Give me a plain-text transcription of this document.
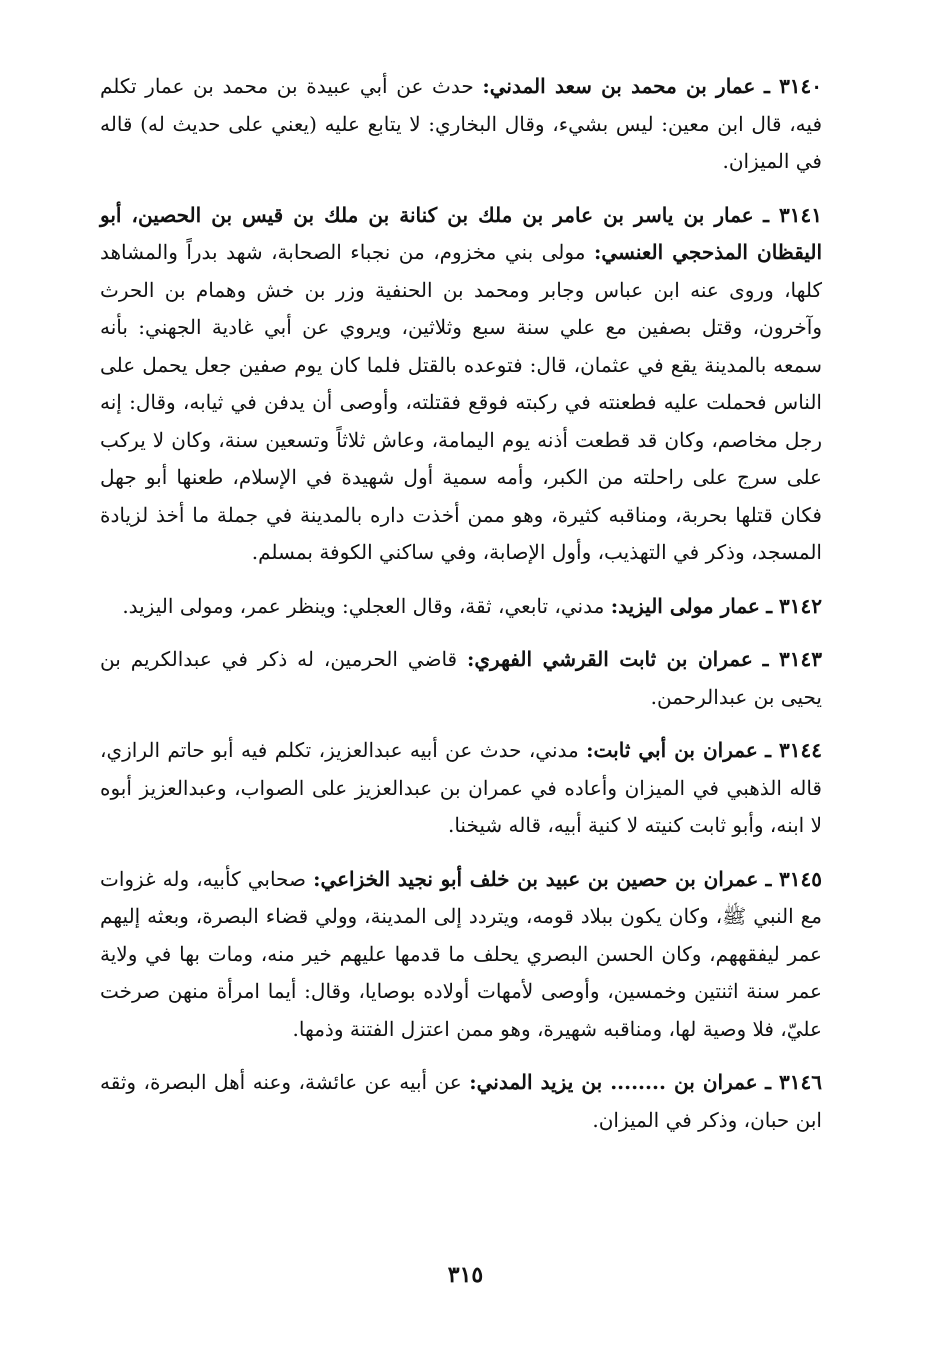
٣١٤٠ ـ عمار بن محمد بن سعد المدني: حدث عن أبي عبيدة بن محمد بن عمار تكلم فيه، قال ابن معين: ليس بشيء، وقال البخاري: لا يتابع عليه (يعني على حديث له) قاله في الميزان.

٣١٤١ ـ عمار بن ياسر بن عامر بن ملك بن كنانة بن ملك بن قيس بن الحصين، أبو اليقظان المذحجي العنسي: مولى بني مخزوم، من نجباء الصحابة، شهد بدراً والمشاهد كلها، وروى عنه ابن عباس وجابر ومحمد بن الحنفية وزر بن خش وهمام بن الحرث وآخرون، وقتل بصفين مع علي سنة سبع وثلاثين، ويروي عن أبي غادية الجهني: بأنه سمعه بالمدينة يقع في عثمان، قال: فتوعده بالقتل فلما كان يوم صفين جعل يحمل على الناس فحملت عليه فطعنته في ركبته فوقع فقتلته، وأوصى أن يدفن في ثيابه، وقال: إنه رجل مخاصم، وكان قد قطعت أذنه يوم اليمامة، وعاش ثلاثاً وتسعين سنة، وكان لا يركب على سرج على راحلته من الكبر، وأمه سمية أول شهيدة في الإسلام، طعنها أبو جهل فكان قتلها بحربة، ومناقبه كثيرة، وهو ممن أخذت داره بالمدينة في جملة ما أخذ لزيادة المسجد، وذكر في التهذيب، وأول الإصابة، وفي ساكني الكوفة بمسلم.

٣١٤٢ ـ عمار مولى اليزيد: مدني، تابعي، ثقة، وقال العجلي: وينظر عمر، ومولى اليزيد.

٣١٤٣ ـ عمران بن ثابت القرشي الفهري: قاضي الحرمين، له ذكر في عبدالكريم بن يحيى بن عبدالرحمن.

٣١٤٤ ـ عمران بن أبي ثابت: مدني، حدث عن أبيه عبدالعزيز، تكلم فيه أبو حاتم الرازي، قاله الذهبي في الميزان وأعاده في عمران بن عبدالعزيز على الصواب، وعبدالعزيز أبوه لا ابنه، وأبو ثابت كنيته لا كنية أبيه، قاله شيخنا.

٣١٤٥ ـ عمران بن حصين بن عبيد بن خلف أبو نجيد الخزاعي: صحابي كأبيه، وله غزوات مع النبي ﷺ، وكان يكون ببلاد قومه، ويتردد إلى المدينة، وولي قضاء البصرة، وبعثه إليهم عمر ليفقههم، وكان الحسن البصري يحلف ما قدمها عليهم خير منه، ومات بها في ولاية عمر سنة اثنتين وخمسين، وأوصى لأمهات أولاده بوصايا، وقال: أيما امرأة منهن صرخت عليّ، فلا وصية لها، ومناقبه شهيرة، وهو ممن اعتزل الفتنة وذمها.

٣١٤٦ ـ عمران بن ........ بن يزيد المدني: عن أبيه عن عائشة، وعنه أهل البصرة، وثقه ابن حبان، وذكر في الميزان.

٣١٥
